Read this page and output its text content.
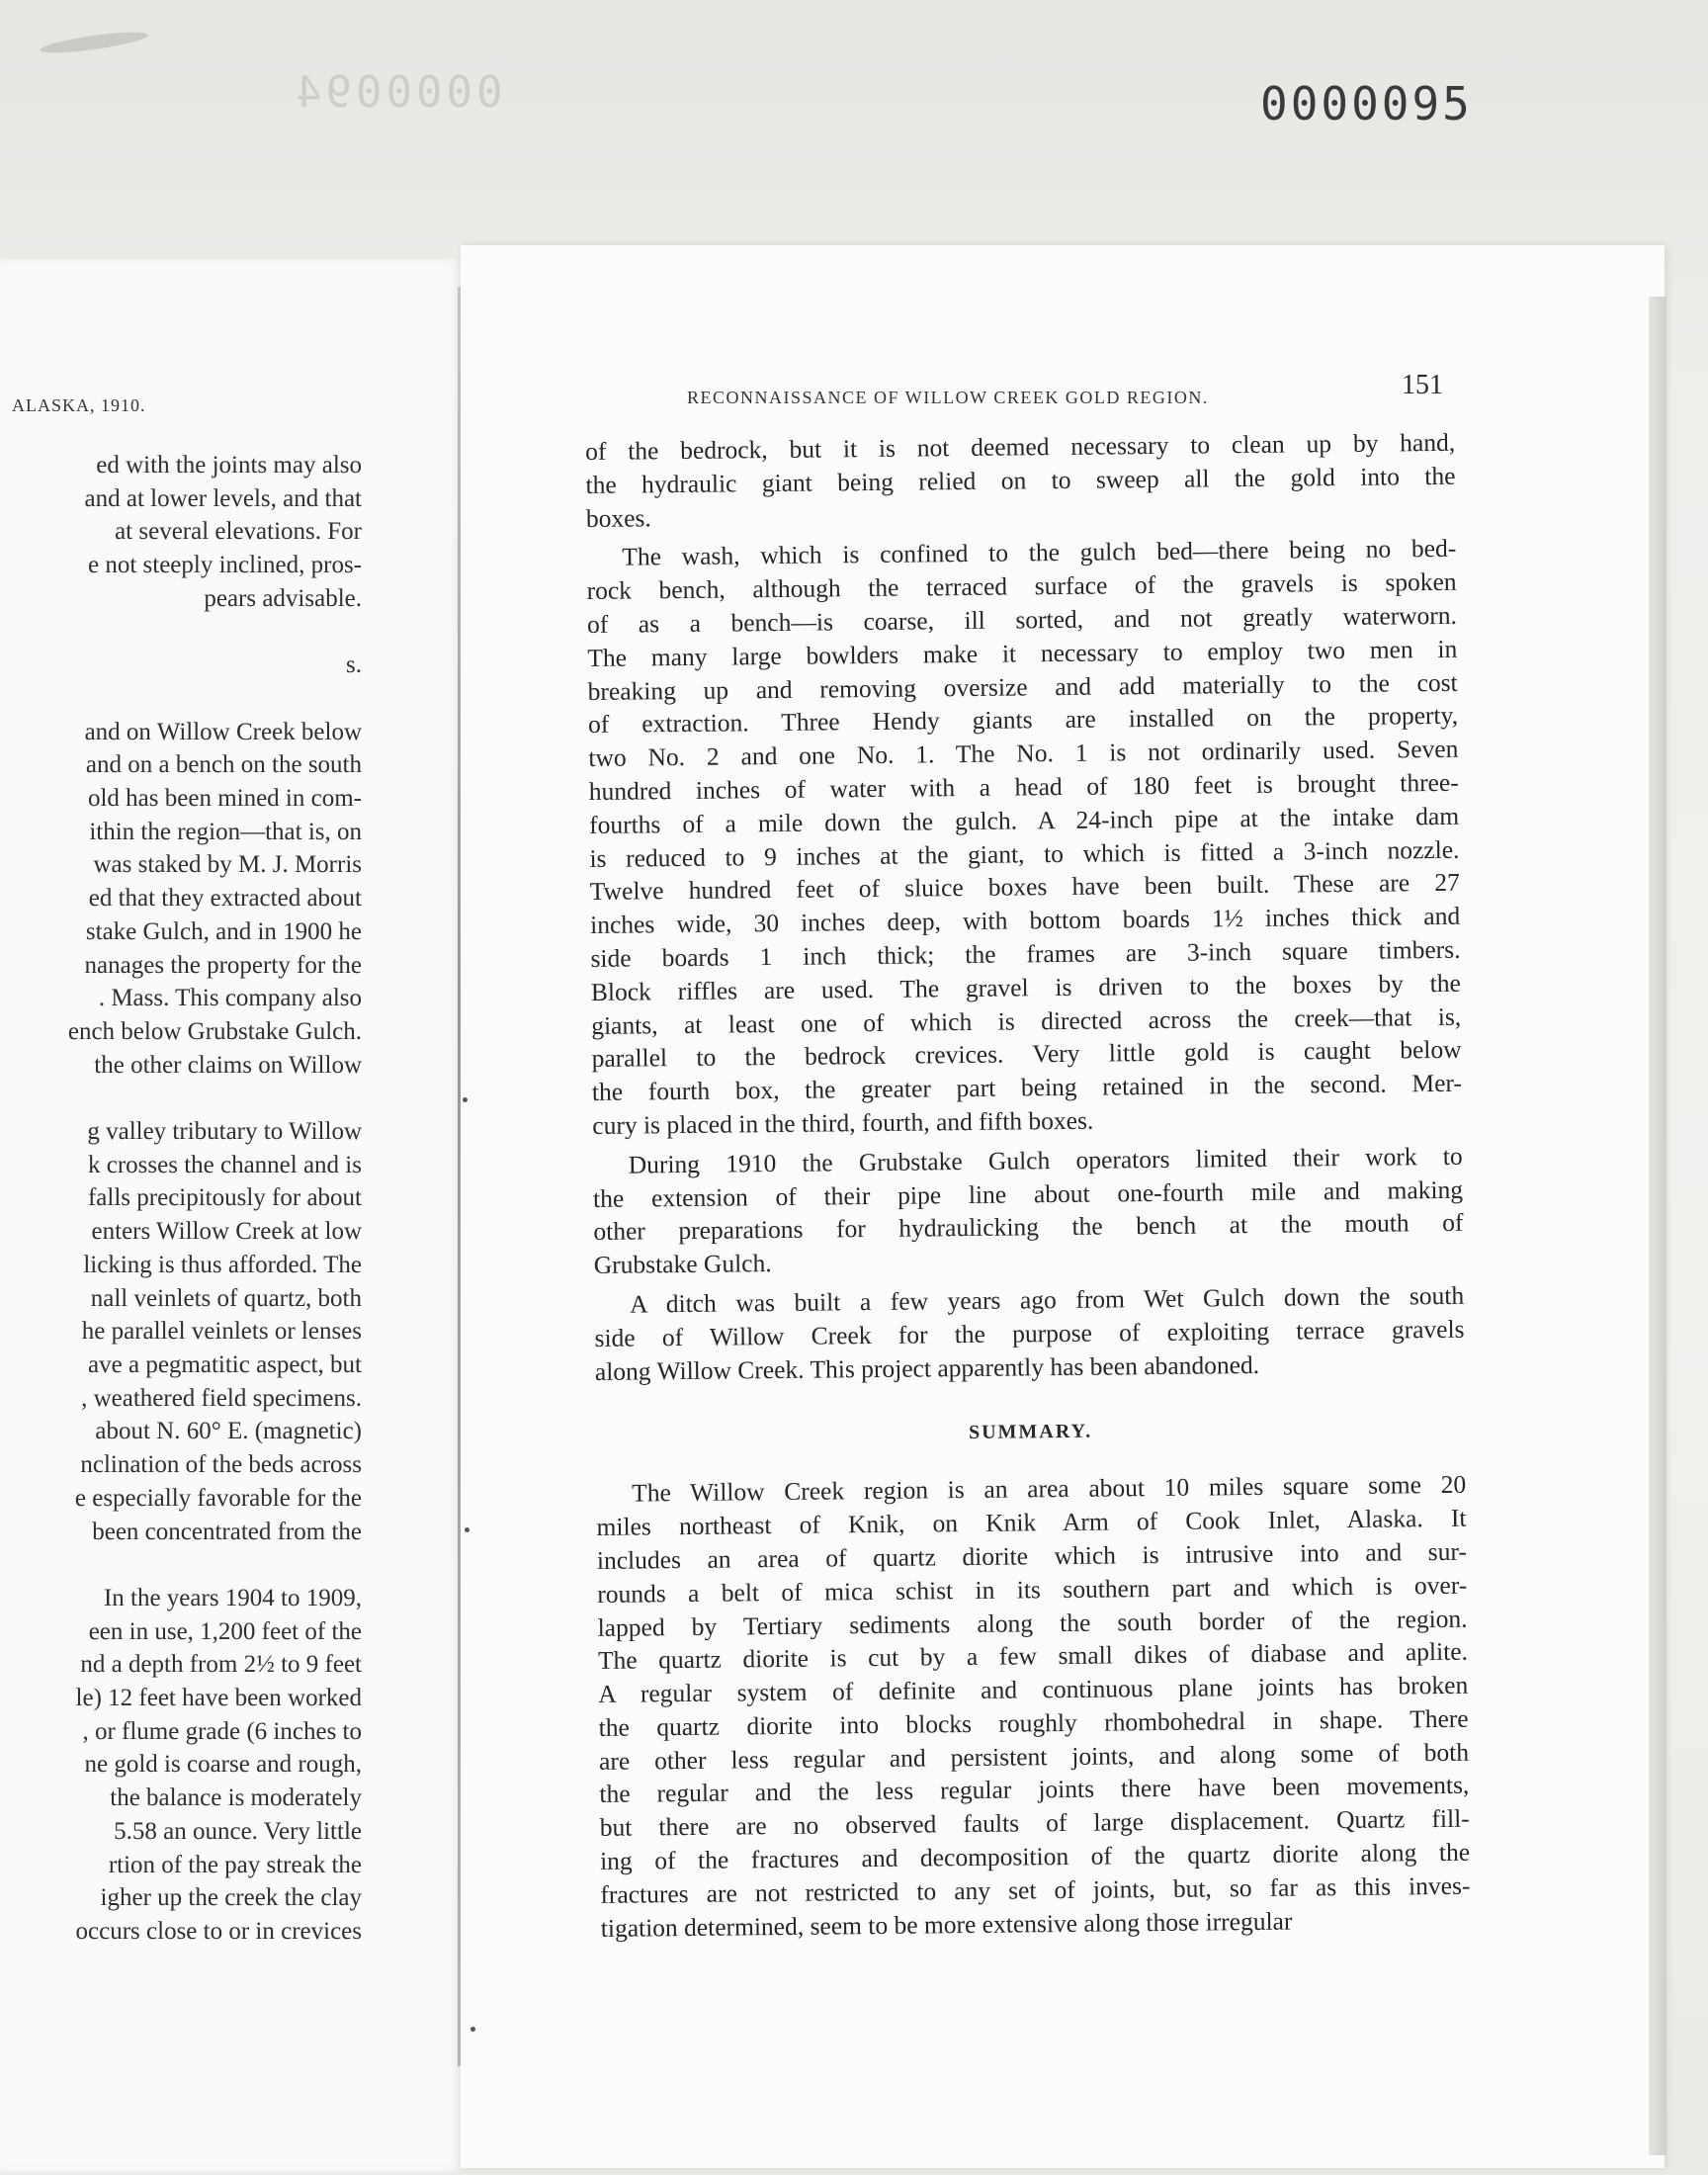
0000094	0000095
ALASKA, 1910.
ed with the joints may also
and at lower levels, and that
at several elevations. For
e not steeply inclined, pros-
pears advisable.

s.

and on Willow Creek below
and on a bench on the south
old has been mined in com-
ithin the region—that is, on
was staked by M. J. Morris
ed that they extracted about
stake Gulch, and in 1900 he
nanages the property for the
. Mass. This company also
ench below Grubstake Gulch.
the other claims on Willow

g valley tributary to Willow
k crosses the channel and is
falls precipitously for about
enters Willow Creek at low
licking is thus afforded. The
nall veinlets of quartz, both
he parallel veinlets or lenses
ave a pegmatitic aspect, but
, weathered field specimens.
about N. 60° E. (magnetic)
nclination of the beds across
e especially favorable for the
been concentrated from the

In the years 1904 to 1909,
een in use, 1,200 feet of the
nd a depth from 2½ to 9 feet
le) 12 feet have been worked
, or flume grade (6 inches to
ne gold is coarse and rough,
the balance is moderately
5.58 an ounce. Very little
rtion of the pay streak the
igher up the creek the clay
occurs close to or in crevices
RECONNAISSANCE OF WILLOW CREEK GOLD REGION.	151
of the bedrock, but it is not deemed necessary to clean up by hand,
the hydraulic giant being relied on to sweep all the gold into the
boxes.
The wash, which is confined to the gulch bed—there being no bed-
rock bench, although the terraced surface of the gravels is spoken
of as a bench—is coarse, ill sorted, and not greatly waterworn.
The many large bowlders make it necessary to employ two men in
breaking up and removing oversize and add materially to the cost
of extraction. Three Hendy giants are installed on the property,
two No. 2 and one No. 1. The No. 1 is not ordinarily used. Seven
hundred inches of water with a head of 180 feet is brought three-
fourths of a mile down the gulch. A 24-inch pipe at the intake dam
is reduced to 9 inches at the giant, to which is fitted a 3-inch nozzle.
Twelve hundred feet of sluice boxes have been built. These are 27
inches wide, 30 inches deep, with bottom boards 1½ inches thick and
side boards 1 inch thick; the frames are 3-inch square timbers.
Block riffles are used. The gravel is driven to the boxes by the
giants, at least one of which is directed across the creek—that is,
parallel to the bedrock crevices. Very little gold is caught below
the fourth box, the greater part being retained in the second. Mer-
cury is placed in the third, fourth, and fifth boxes.
During 1910 the Grubstake Gulch operators limited their work to
the extension of their pipe line about one-fourth mile and making
other preparations for hydraulicking the bench at the mouth of
Grubstake Gulch.
A ditch was built a few years ago from Wet Gulch down the south
side of Willow Creek for the purpose of exploiting terrace gravels
along Willow Creek. This project apparently has been abandoned.
SUMMARY.
The Willow Creek region is an area about 10 miles square some 20
miles northeast of Knik, on Knik Arm of Cook Inlet, Alaska. It
includes an area of quartz diorite which is intrusive into and sur-
rounds a belt of mica schist in its southern part and which is over-
lapped by Tertiary sediments along the south border of the region.
The quartz diorite is cut by a few small dikes of diabase and aplite.
A regular system of definite and continuous plane joints has broken
the quartz diorite into blocks roughly rhombohedral in shape. There
are other less regular and persistent joints, and along some of both
the regular and the less regular joints there have been movements,
but there are no observed faults of large displacement. Quartz fill-
ing of the fractures and decomposition of the quartz diorite along the
fractures are not restricted to any set of joints, but, so far as this inves-
tigation determined, seem to be more extensive along those irregular
